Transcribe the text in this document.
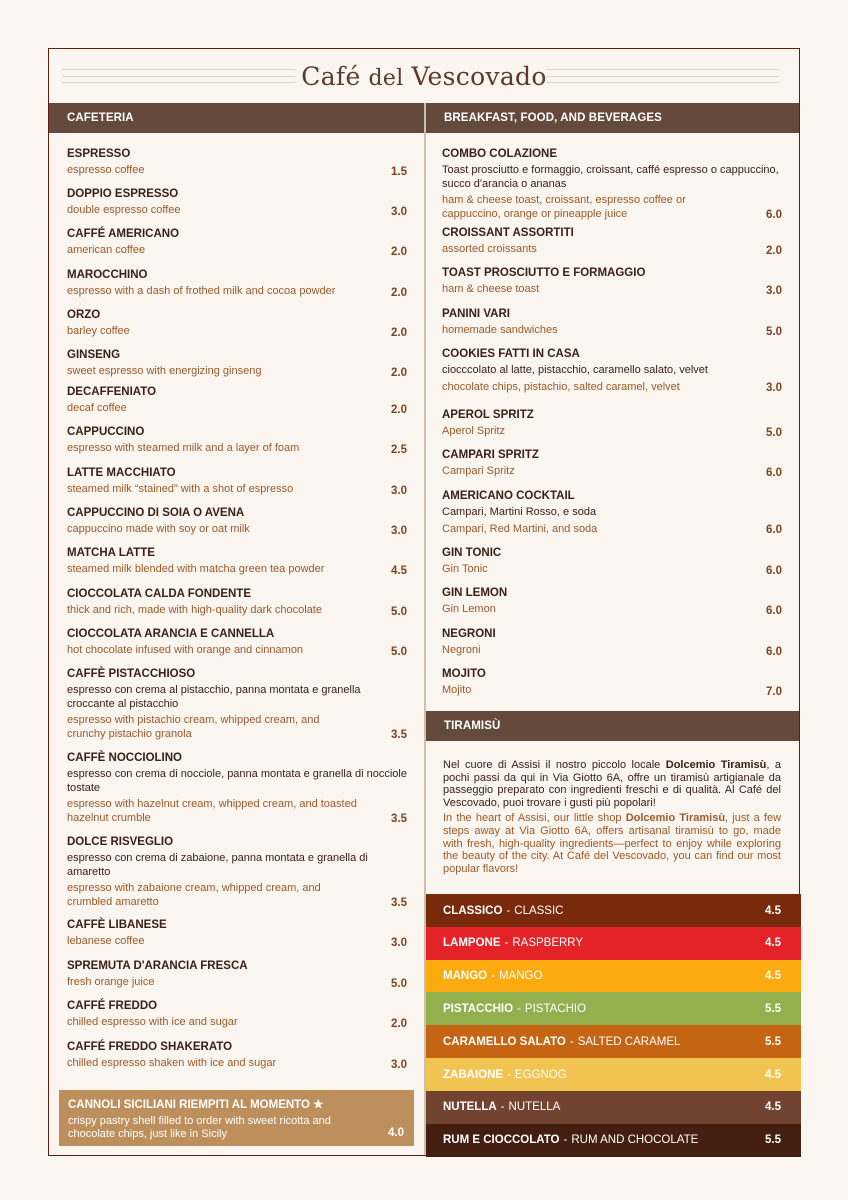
Café del Vescovado
CAFETERIA	BREAKFAST, FOOD, AND BEVERAGES
ESPRESSO
espresso coffee	1.5
DOPPIO ESPRESSO
double espresso coffee	3.0
CAFFÉ AMERICANO
american coffee	2.0
MAROCCHINO
espresso with a dash of frothed milk and cocoa powder	2.0
ORZO
barley coffee	2.0
GINSENG
sweet espresso with energizing ginseng	2.0
DECAFFENIATO
decaf coffee	2.0
CAPPUCCINO
espresso with steamed milk and a layer of foam	2.5
LATTE MACCHIATO
steamed milk “stained” with a shot of espresso	3.0
CAPPUCCINO DI SOIA O AVENA
cappuccino made with soy or oat milk	3.0
MATCHA LATTE
steamed milk blended with matcha green tea powder	4.5
CIOCCOLATA CALDA FONDENTE
thick and rich, made with high-quality dark chocolate	5.0
CIOCCOLATA ARANCIA E CANNELLA
hot chocolate infused with orange and cinnamon	5.0
CAFFÈ PISTACCHIOSO
espresso con crema al pistacchio, panna montata e granella croccante al pistacchio
espresso with pistachio cream, whipped cream, and crunchy pistachio granola	3.5
CAFFÈ NOCCIOLINO
espresso con crema di nocciole, panna montata e granella di nocciole tostate
espresso with hazelnut cream, whipped cream, and toasted hazelnut crumble	3.5
DOLCE RISVEGLIO
espresso con crema di zabaione, panna montata e granella di amaretto
espresso with zabaione cream, whipped cream, and crumbled amaretto	3.5
CAFFÈ LIBANESE
lebanese coffee	3.0
SPREMUTA D'ARANCIA FRESCA
fresh orange juice	5.0
CAFFÉ FREDDO
chilled espresso with ice and sugar	2.0
CAFFÉ FREDDO SHAKERATO
chilled espresso shaken with ice and sugar	3.0
CANNOLI SICILIANI RIEMPITI AL MOMENTO ★
crispy pastry shell filled to order with sweet ricotta and chocolate chips, just like in Sicily	4.0
COMBO COLAZIONE
Toast prosciutto e formaggio, croissant, caffé espresso o cappuccino, succo d'arancia o ananas
ham & cheese toast, croissant, espresso coffee or cappuccino, orange or pineapple juice	6.0
CROISSANT ASSORTITI
assorted croissants	2.0
TOAST PROSCIUTTO E FORMAGGIO
ham & cheese toast	3.0
PANINI VARI
homemade sandwiches	5.0
COOKIES FATTI IN CASA
ciocccolato al latte, pistacchio, caramello salato, velvet
chocolate chips, pistachio, salted caramel, velvet	3.0
APEROL SPRITZ
Aperol Spritz	5.0
CAMPARI SPRITZ
Campari Spritz	6.0
AMERICANO COCKTAIL
Campari, Martini Rosso, e soda
Campari, Red Martini, and soda	6.0
GIN TONIC
Gin Tonic	6.0
GIN LEMON
Gin Lemon	6.0
NEGRONI
Negroni	6.0
MOJITO
Mojito	7.0
TIRAMISÙ

Nel cuore di Assisi il nostro piccolo locale Dolcemio Tiramisù, a pochi passi da qui in Via Giotto 6A, offre un tiramisù artigianale da passeggio preparato con ingredienti freschi e di qualità. Al Café del Vescovado, puoi trovare i gusti più popolari!

In the heart of Assisi, our little shop Dolcemio Tiramisù, just a few steps away at Via Giotto 6A, offers artisanal tiramisù to go, made with fresh, high-quality ingredients—perfect to enjoy while exploring the beauty of the city. At Café del Vescovado, you can find our most popular flavors!

CLASSICO - CLASSIC	4.5
LAMPONE - RASPBERRY	4.5
MANGO - MANGO	4.5
PISTACCHIO - PISTACHIO	5.5
CARAMELLO SALATO - SALTED CARAMEL	5.5
ZABAIONE - EGGNOG	4.5
NUTELLA - NUTELLA	4.5
RUM E CIOCCOLATO - RUM AND CHOCOLATE	5.5
